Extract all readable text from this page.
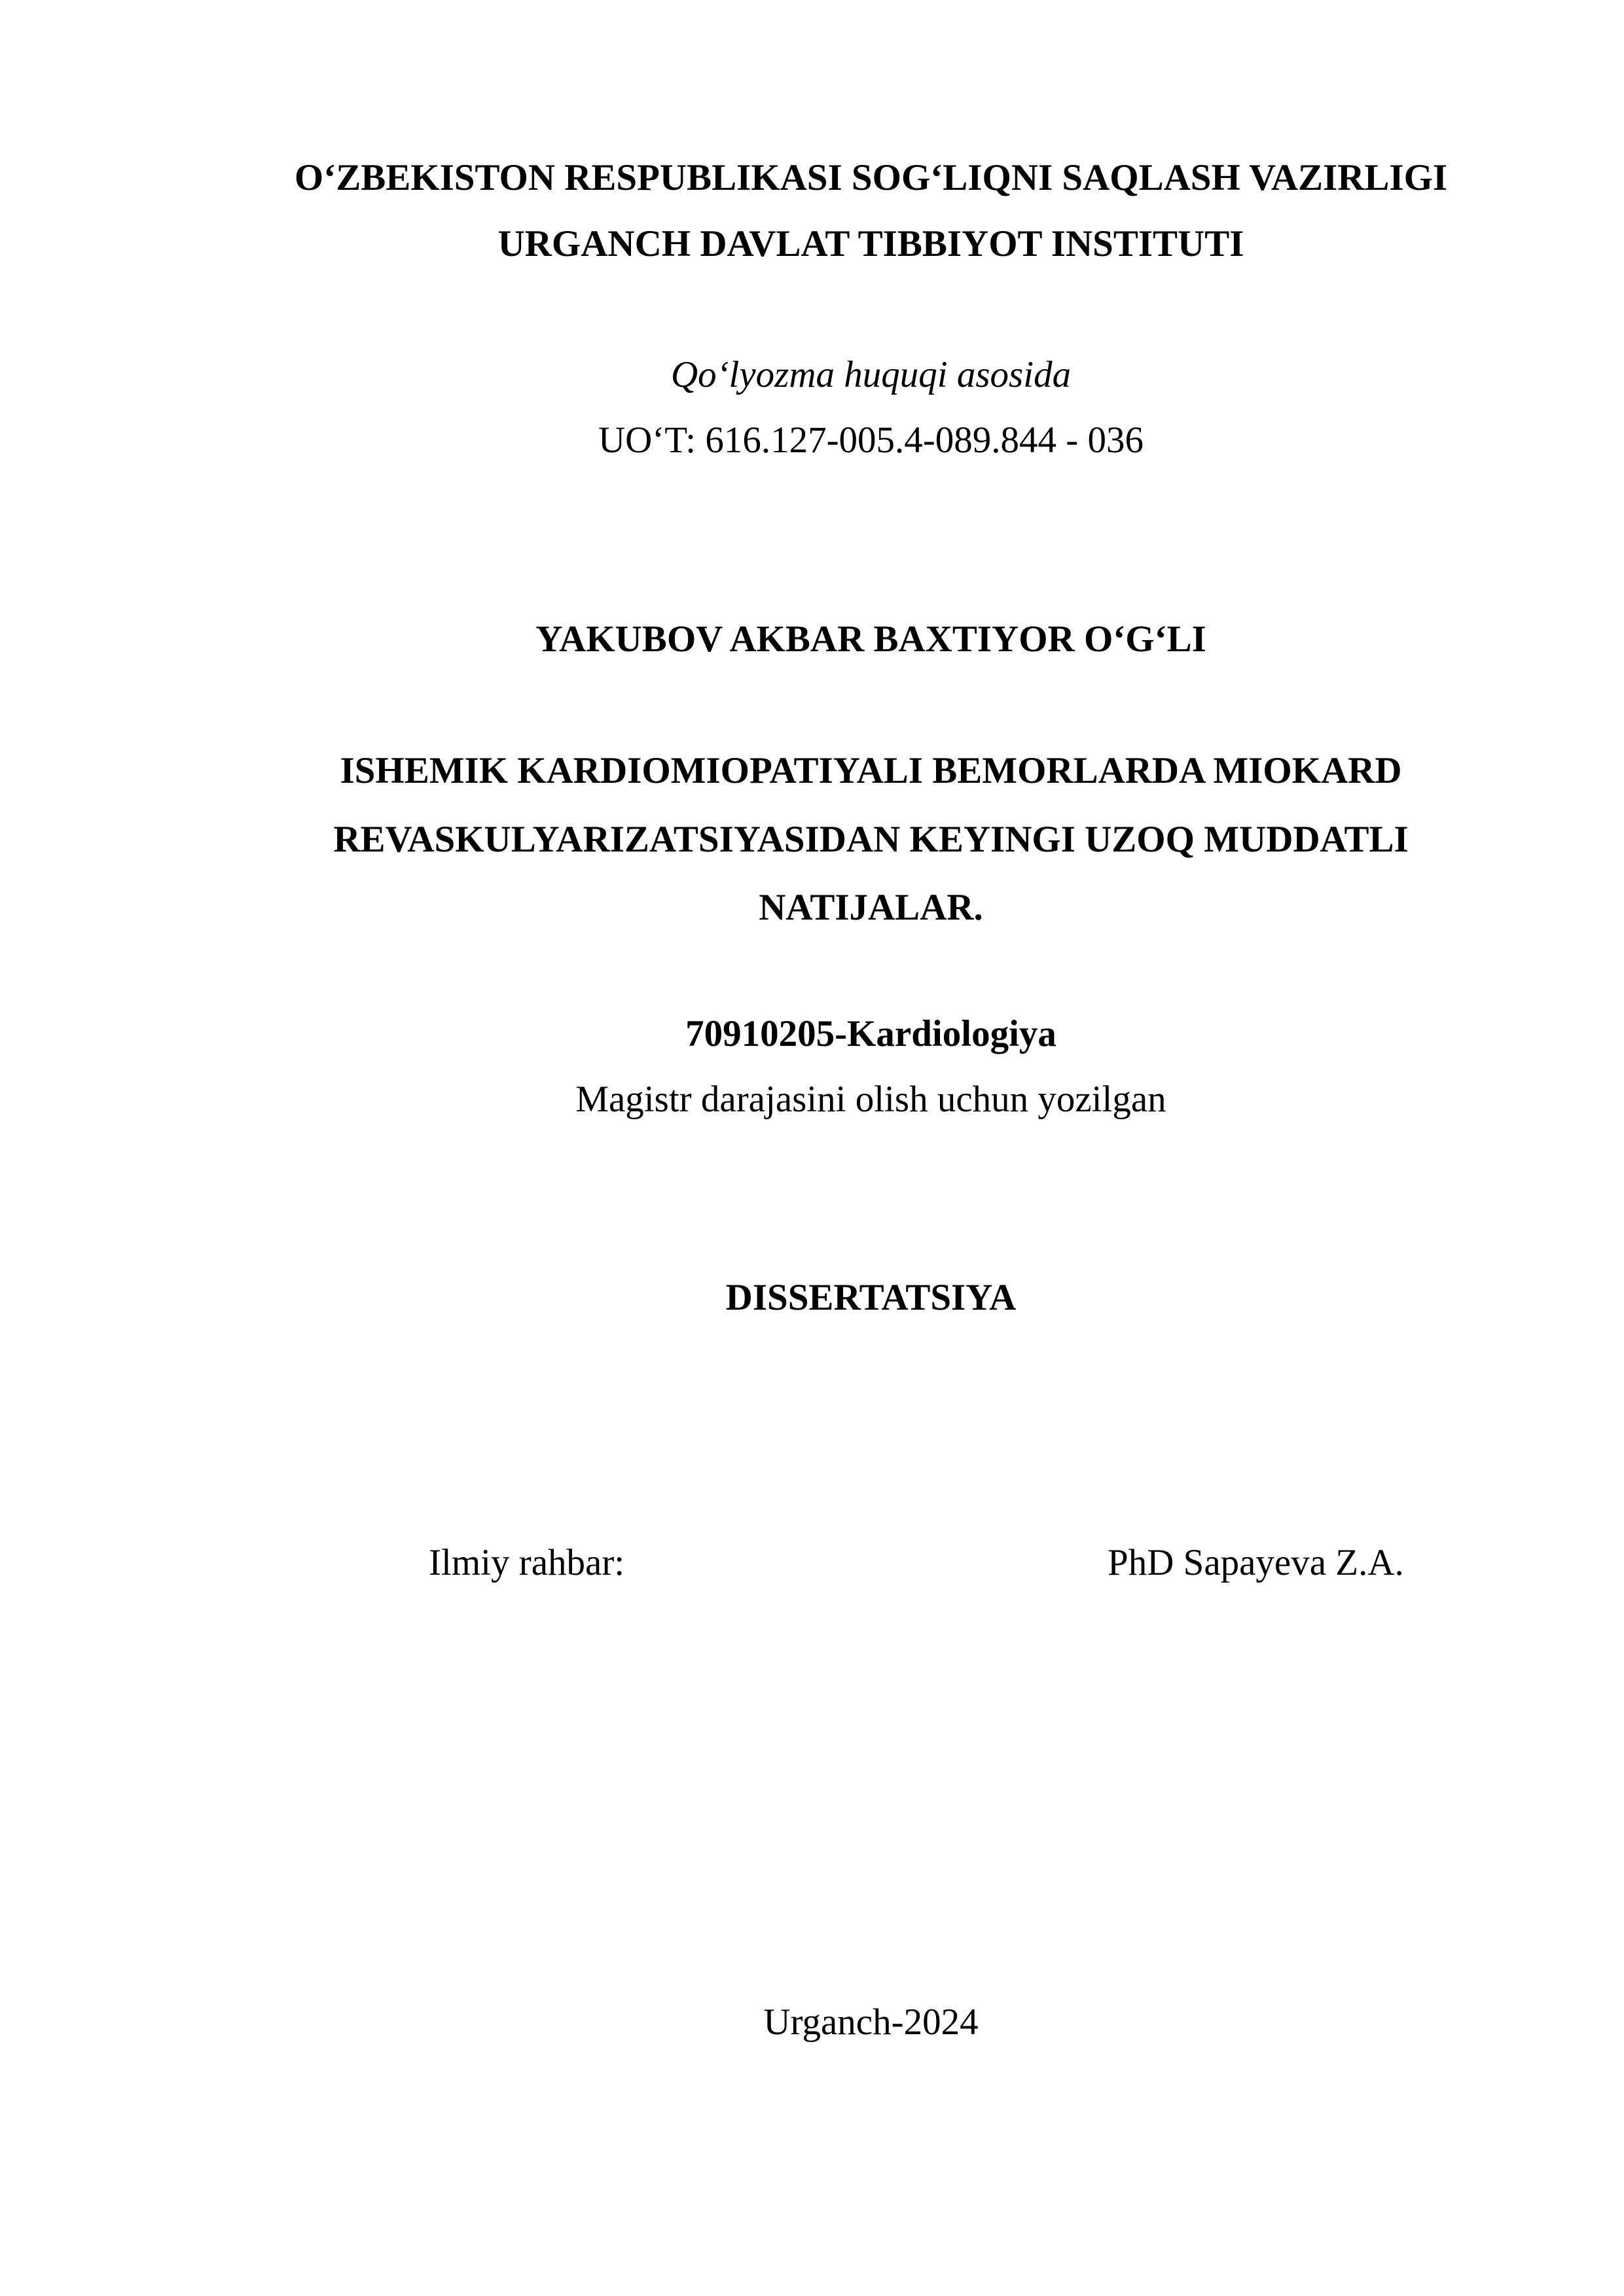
O‘ZBEKISTON RESPUBLIKASI SOG‘LIQNI SAQLASH VAZIRLIGI
URGANCH DAVLAT TIBBIYOT INSTITUTI
Qoʻlyozma huquqi asosida
UO‘T: 616.127-005.4-089.844 - 036
YAKUBOV AKBAR BAXTIYOR O‘G‘LI
ISHEMIK KARDIOMIOPATIYALI BEMORLARDA MIOKARD
REVASKULYARIZATSIYASIDAN KEYINGI UZOQ MUDDATLI
NATIJALAR.
70910205-Kardiologiya
Magistr darajasini olish uchun yozilgan
DISSERTATSIYA
Ilmiy rahbar:	PhD Sapayeva Z.A.
Urganch-2024
